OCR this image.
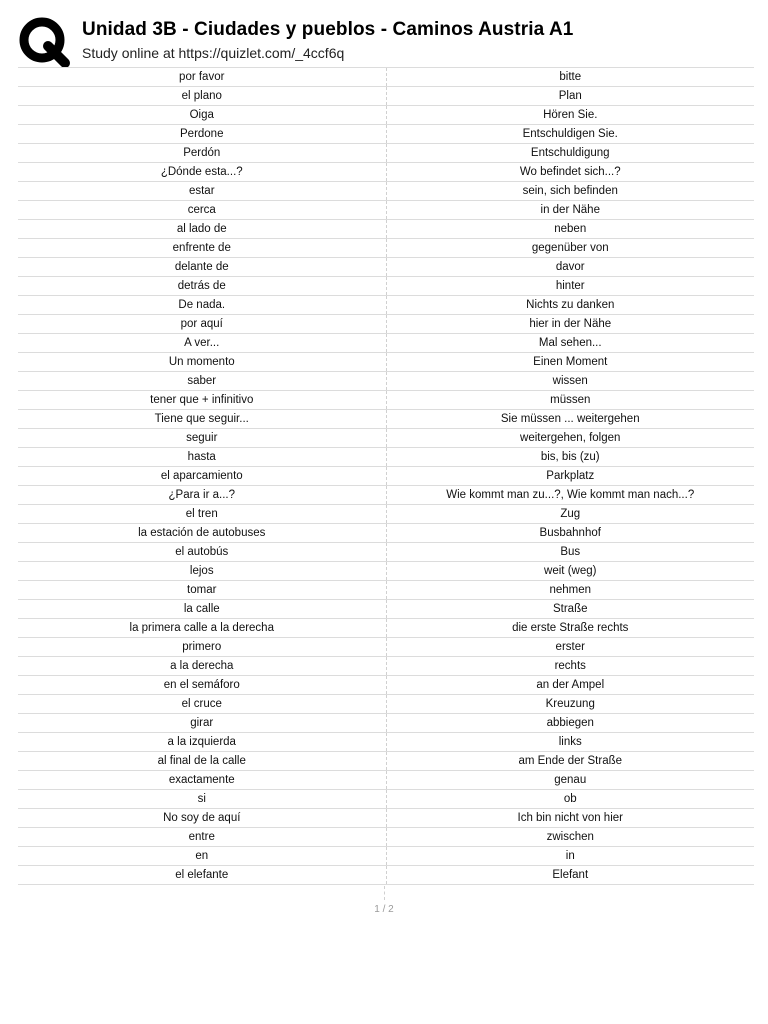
Unidad 3B - Ciudades y pueblos - Caminos Austria A1
Study online at https://quizlet.com/_4ccf6q
por favor	bitte
el plano	Plan
Oiga	Hören Sie.
Perdone	Entschuldigen Sie.
Perdón	Entschuldigung
¿Dónde esta...?	Wo befindet sich...?
estar	sein, sich befinden
cerca	in der Nähe
al lado de	neben
enfrente de	gegenüber von
delante de	davor
detrás de	hinter
De nada.	Nichts zu danken
por aquí	hier in der Nähe
A ver...	Mal sehen...
Un momento	Einen Moment
saber	wissen
tener que + infinitivo	müssen
Tiene que seguir...	Sie müssen ... weitergehen
seguir	weitergehen, folgen
hasta	bis, bis (zu)
el aparcamiento	Parkplatz
¿Para ir a...?	Wie kommt man zu...?, Wie kommt man nach...?
el tren	Zug
la estación de autobuses	Busbahnhof
el autobús	Bus
lejos	weit (weg)
tomar	nehmen
la calle	Straße
la primera calle a la derecha	die erste Straße rechts
primero	erster
a la derecha	rechts
en el semáforo	an der Ampel
el cruce	Kreuzung
girar	abbiegen
a la izquierda	links
al final de la calle	am Ende der Straße
exactamente	genau
si	ob
No soy de aquí	Ich bin nicht von hier
entre	zwischen
en	in
el elefante	Elefant
1 / 2
